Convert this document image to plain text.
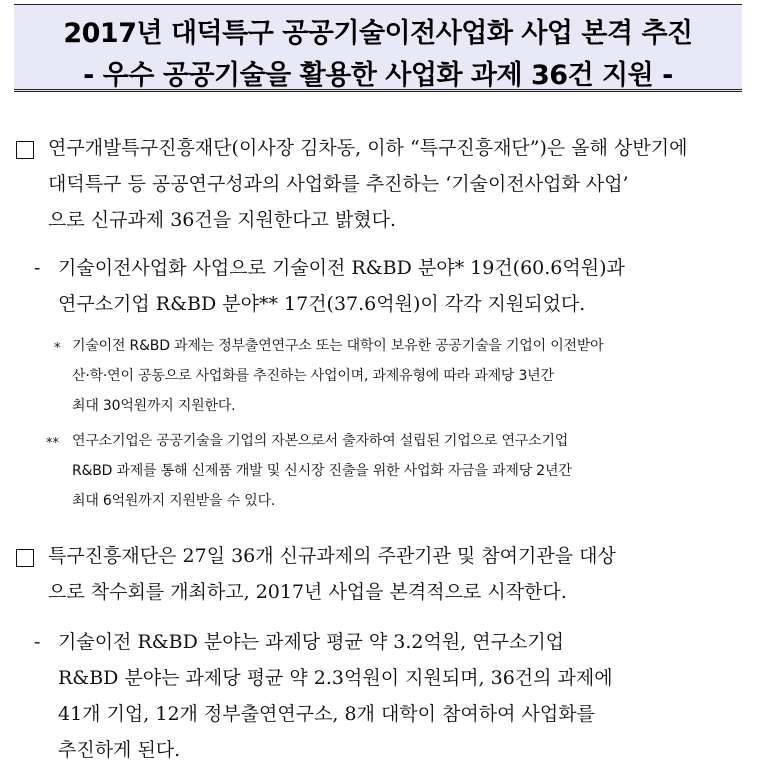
2017년 대덕특구 공공기술이전사업화 사업 본격 추진
- 우수 공공기술을 활용한 사업화 과제 36건 지원 -
연구개발특구진흥재단(이사장 김차동, 이하 “특구진흥재단”)은 올해 상반기에
대덕특구 등 공공연구성과의 사업화를 추진하는 ‘기술이전사업화 사업’
으로 신규과제 36건을 지원한다고 밝혔다.
- 기술이전사업화 사업으로 기술이전 R&BD 분야* 19건(60.6억원)과
연구소기업 R&BD 분야** 17건(37.6억원)이 각각 지원되었다.
* 기술이전 R&BD 과제는 정부출연연구소 또는 대학이 보유한 공공기술을 기업이 이전받아
산·학·연이 공동으로 사업화를 추진하는 사업이며, 과제유형에 따라 과제당 3년간
최대 30억원까지 지원한다.
** 연구소기업은 공공기술을 기업의 자본으로서 출자하여 설립된 기업으로 연구소기업
R&BD 과제를 통해 신제품 개발 및 신시장 진출을 위한 사업화 자금을 과제당 2년간
최대 6억원까지 지원받을 수 있다.
특구진흥재단은 27일 36개 신규과제의 주관기관 및 참여기관을 대상
으로 착수회를 개최하고, 2017년 사업을 본격적으로 시작한다.
- 기술이전 R&BD 분야는 과제당 평균 약 3.2억원, 연구소기업
R&BD 분야는 과제당 평균 약 2.3억원이 지원되며, 36건의 과제에
41개 기업, 12개 정부출연연구소, 8개 대학이 참여하여 사업화를
추진하게 된다.
